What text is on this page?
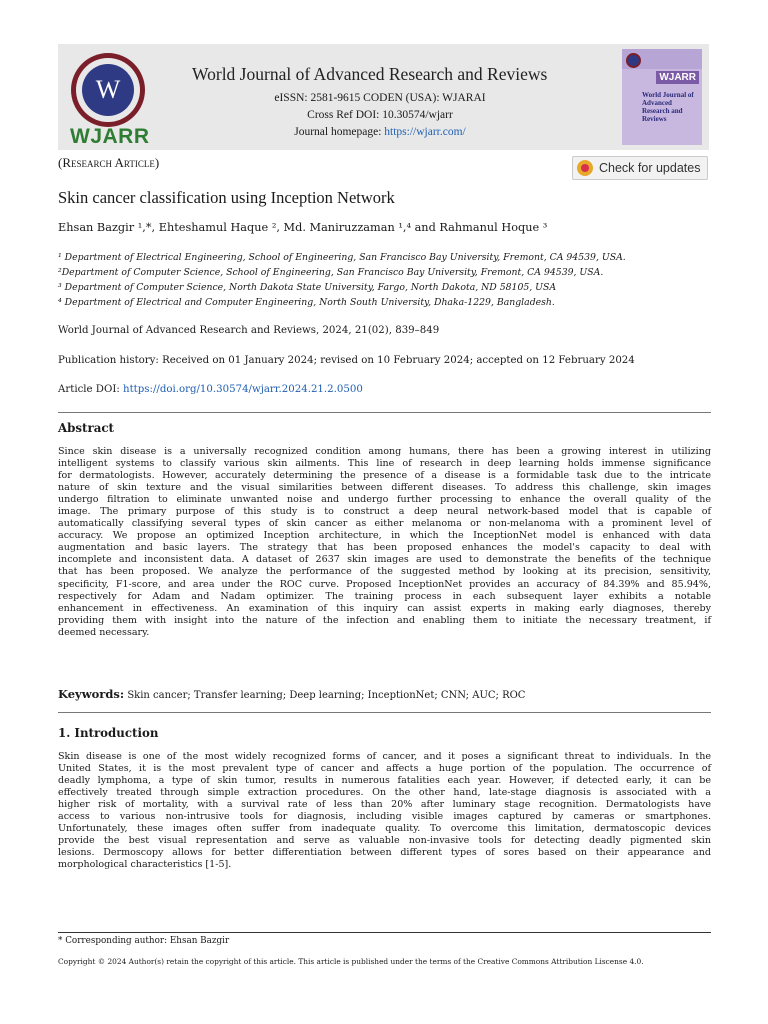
W
WJARR
World Journal of Advanced Research and Reviews
eISSN: 2581-9615 CODEN (USA): WJARAI
Cross Ref DOI: 10.30574/wjarr
Journal homepage: https://wjarr.com/
WJARR
World Journal of Advanced Research and Reviews
(Research Article)	Check for updates
Skin cancer classification using Inception Network
Ehsan Bazgir ¹,*, Ehteshamul Haque ², Md. Maniruzzaman ¹,⁴ and Rahmanul Hoque ³
¹ Department of Electrical Engineering, School of Engineering, San Francisco Bay University, Fremont, CA 94539, USA.
²Department of Computer Science, School of Engineering, San Francisco Bay University, Fremont, CA 94539, USA.
³ Department of Computer Science, North Dakota State University, Fargo, North Dakota, ND 58105, USA
⁴ Department of Electrical and Computer Engineering, North South University, Dhaka-1229, Bangladesh.
World Journal of Advanced Research and Reviews, 2024, 21(02), 839–849
Publication history: Received on 01 January 2024; revised on 10 February 2024; accepted on 12 February 2024
Article DOI: https://doi.org/10.30574/wjarr.2024.21.2.0500
Abstract
Since skin disease is a universally recognized condition among humans, there has been a growing interest in utilizing
intelligent systems to classify various skin ailments. This line of research in deep learning holds immense significance
for dermatologists. However, accurately determining the presence of a disease is a formidable task due to the intricate
nature of skin texture and the visual similarities between different diseases. To address this challenge, skin images
undergo filtration to eliminate unwanted noise and undergo further processing to enhance the overall quality of the
image. The primary purpose of this study is to construct a deep neural network-based model that is capable of
automatically classifying several types of skin cancer as either melanoma or non-melanoma with a prominent level of
accuracy. We propose an optimized Inception architecture, in which the InceptionNet model is enhanced with data
augmentation and basic layers. The strategy that has been proposed enhances the model's capacity to deal with
incomplete and inconsistent data. A dataset of 2637 skin images are used to demonstrate the benefits of the technique
that has been proposed. We analyze the performance of the suggested method by looking at its precision, sensitivity,
specificity, F1-score, and area under the ROC curve. Proposed InceptionNet provides an accuracy of 84.39% and 85.94%,
respectively for Adam and Nadam optimizer. The training process in each subsequent layer exhibits a notable
enhancement in effectiveness. An examination of this inquiry can assist experts in making early diagnoses, thereby
providing them with insight into the nature of the infection and enabling them to initiate the necessary treatment, if
deemed necessary.
Keywords: Skin cancer; Transfer learning; Deep learning; InceptionNet; CNN; AUC; ROC
1. Introduction
Skin disease is one of the most widely recognized forms of cancer, and it poses a significant threat to individuals. In the
United States, it is the most prevalent type of cancer and affects a huge portion of the population. The occurrence of
deadly lymphoma, a type of skin tumor, results in numerous fatalities each year. However, if detected early, it can be
effectively treated through simple extraction procedures. On the other hand, late-stage diagnosis is associated with a
higher risk of mortality, with a survival rate of less than 20% after luminary stage recognition. Dermatologists have
access to various non-intrusive tools for diagnosis, including visible images captured by cameras or smartphones.
Unfortunately, these images often suffer from inadequate quality. To overcome this limitation, dermatoscopic devices
provide the best visual representation and serve as valuable non-invasive tools for detecting deadly pigmented skin
lesions. Dermoscopy allows for better differentiation between different types of sores based on their appearance and
morphological characteristics [1-5].
* Corresponding author: Ehsan Bazgir
Copyright © 2024 Author(s) retain the copyright of this article. This article is published under the terms of the Creative Commons Attribution Liscense 4.0.
